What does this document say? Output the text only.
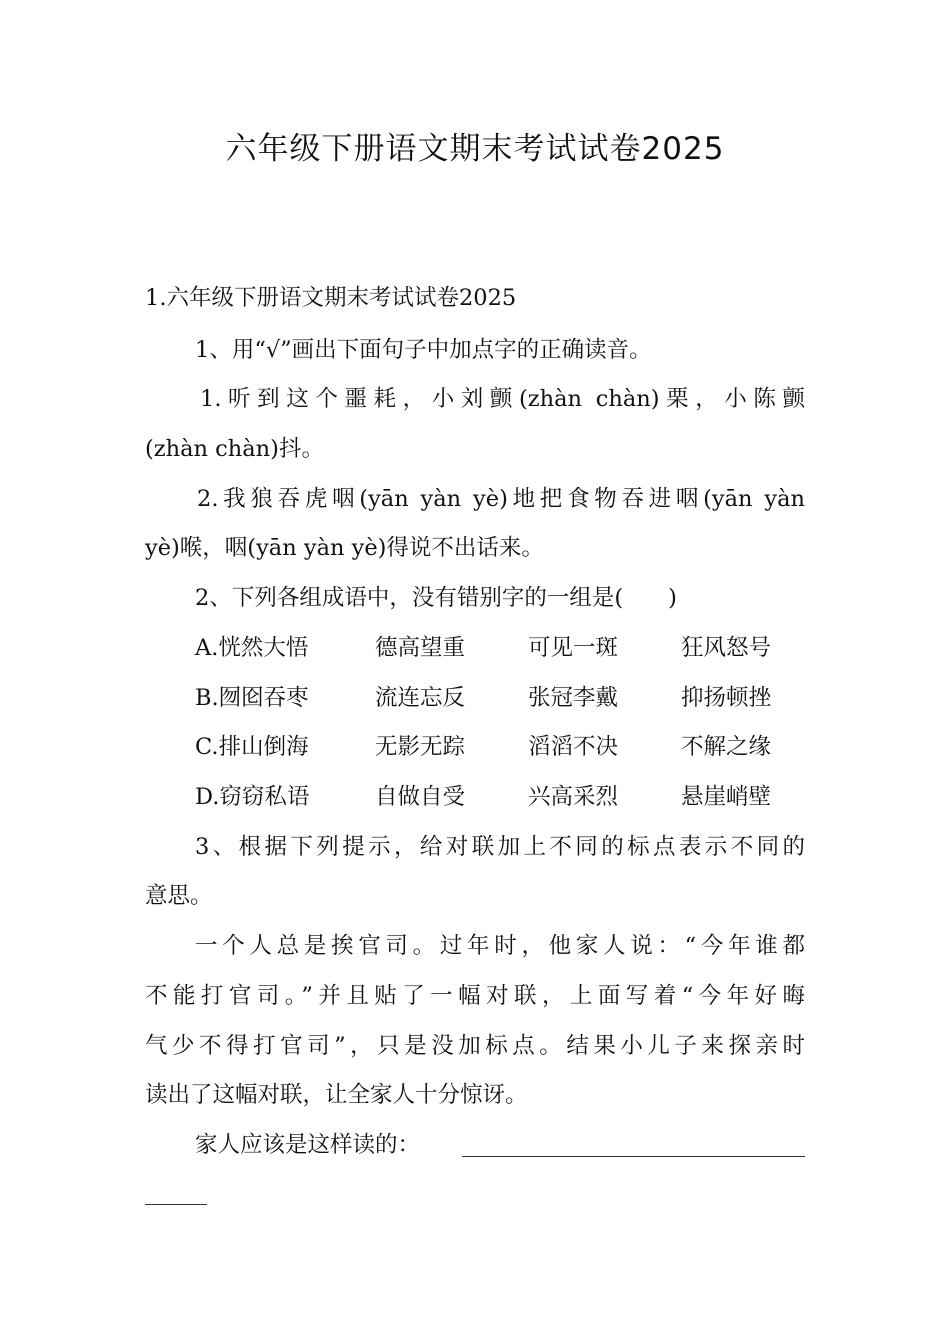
六年级下册语文期末考试试卷2025

1.六年级下册语文期末考试试卷2025

1、用“√”画出下面句子中加点字的正确读音。

1.听到这个噩耗，小刘颤(zhàn chàn)栗，小陈颤

(zhàn chàn)抖。

2.我狼吞虎咽(yān yàn yè)地把食物吞进咽(yān yàn

yè)喉，咽(yān yàn yè)得说不出话来。

2、下列各组成语中，没有错别字的一组是(　　)

A.恍然大悟	德高望重	可见一斑	狂风怒号
B.囫囵吞枣	流连忘反	张冠李戴	抑扬顿挫
C.排山倒海	无影无踪	滔滔不决	不解之缘
D.窃窃私语	自做自受	兴高采烈	悬崖峭壁

3、根据下列提示，给对联加上不同的标点表示不同的

意思。

一个人总是挨官司。过年时，他家人说：“今年谁都

不能打官司。”并且贴了一幅对联，上面写着“今年好晦

气少不得打官司”，只是没加标点。结果小儿子来探亲时

读出了这幅对联，让全家人十分惊讶。

家人应该是这样读的：
